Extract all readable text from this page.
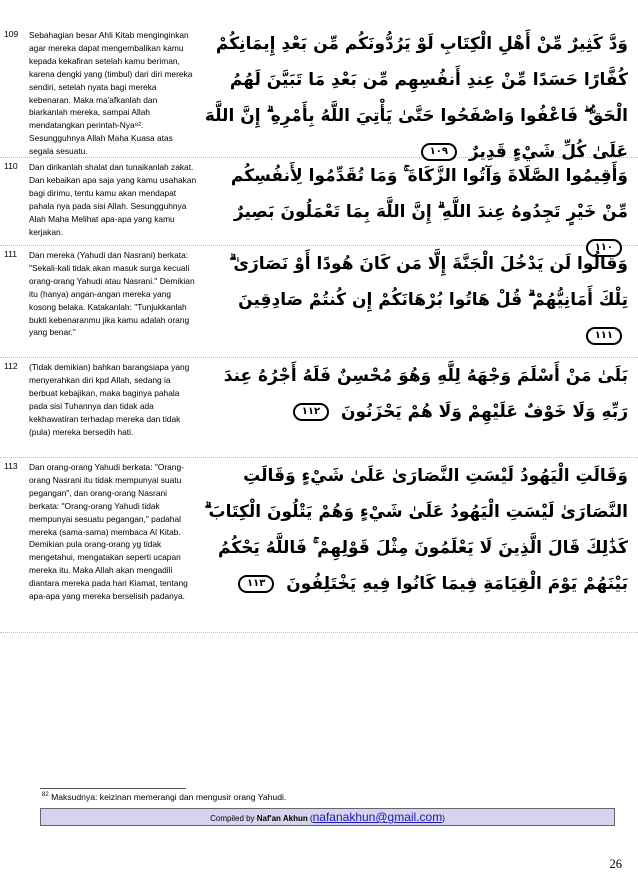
109 Sebahagian besar Ahli Kitab menginginkan agar mereka dapat mengembalikan kamu kepada kekafiran setelah kamu beriman, karena dengki yang (timbul) dari diri mereka sendiri, setelah nyata bagi mereka kebenaran. Maka ma'afkanlah dan biarkanlah mereka, sampai Allah mendatangkan perintah-Nya⁸². Sesungguhnya Allah Maha Kuasa atas segala sesuatu.
وَدَّ كَثِيرٌ مِّنْ أَهْلِ الْكِتَابِ لَوْ يَرُدُّونَكُم مِّن بَعْدِ إِيمَانِكُمْ كُفَّارًا حَسَدًا مِّنْ عِندِ أَنفُسِهِم مِّن بَعْدِ مَا تَبَيَّنَ لَهُمُ الْحَقُّ ۖ فَاعْفُوا وَاصْفَحُوا حَتَّىٰ يَأْتِيَ اللَّهُ بِأَمْرِهِ ۗ إِنَّ اللَّهَ عَلَىٰ كُلِّ شَيْءٍ قَدِيرٌ ١٠٩
110 Dan dirikanlah shalat dan tunaikanlah zakat. Dan kebaikan apa saja yang kamu usahakan bagi dirimu, tentu kamu akan mendapat pahala nya pada sisi Allah. Sesungguhnya Alah Maha Melihat apa-apa yang kamu kerjakan.
وَأَقِيمُوا الصَّلَاةَ وَآتُوا الزَّكَاةَ ۚ وَمَا تُقَدِّمُوا لِأَنفُسِكُم مِّنْ خَيْرٍ تَجِدُوهُ عِندَ اللَّهِ ۗ إِنَّ اللَّهَ بِمَا تَعْمَلُونَ بَصِيرٌ ١١٠
111 Dan mereka (Yahudi dan Nasrani) berkata: "Sekali-kali tidak akan masuk surga kecuali orang-orang Yahudi atau Nasrani." Demikian itu (hanya) angan-angan mereka yang kosong belaka. Katakanlah: "Tunjukkanlah bukti kebenaranmu jika kamu adalah orang yang benar."
وَقَالُوا لَن يَدْخُلَ الْجَنَّةَ إِلَّا مَن كَانَ هُودًا أَوْ نَصَارَىٰ ۗ تِلْكَ أَمَانِيُّهُمْ ۗ قُلْ هَاتُوا بُرْهَانَكُمْ إِن كُنتُمْ صَادِقِينَ ١١١
112 (Tidak demikian) bahkan barangsiapa yang menyerahkan diri kpd Allah, sedang ia berbuat kebajikan, maka baginya pahala pada sisi Tuhannya dan tidak ada kekhawatiran terhadap mereka dan tidak (pula) mereka bersedih hati.
بَلَىٰ مَنْ أَسْلَمَ وَجْهَهُ لِلَّهِ وَهُوَ مُحْسِنٌ فَلَهُ أَجْرُهُ عِندَ رَبِّهِ وَلَا خَوْفٌ عَلَيْهِمْ وَلَا هُمْ يَحْزَنُونَ ١١٢
113 Dan orang-orang Yahudi berkata: "Orang-orang Nasrani itu tidak mempunyai suatu pegangan", dan orang-orang Nasrani berkata: "Orang-orang Yahudi tidak mempunyai sesuatu pegangan," padahal mereka (sama-sama) membaca Al Kitab. Demikian pula orang-orang yg tidak mengetahui, mengatakan seperti ucapan mereka itu. Maka Allah akan mengadili diantara mereka pada hari Kiamat, tentang apa-apa yang mereka berselisih padanya.
وَقَالَتِ الْيَهُودُ لَيْسَتِ النَّصَارَىٰ عَلَىٰ شَيْءٍ وَقَالَتِ النَّصَارَىٰ لَيْسَتِ الْيَهُودُ عَلَىٰ شَيْءٍ وَهُمْ يَتْلُونَ الْكِتَابَ ۗ كَذَٰلِكَ قَالَ الَّذِينَ لَا يَعْلَمُونَ مِثْلَ قَوْلِهِمْ ۚ فَاللَّهُ يَحْكُمُ بَيْنَهُمْ يَوْمَ الْقِيَامَةِ فِيمَا كَانُوا فِيهِ يَخْتَلِفُونَ ١١٣
$^{82}$ Maksudnya: keizinan memerangi dan mengusir orang Yahudi.
Compiled by Naf'an Akhun (nafanakhun@gmail.com)
26
